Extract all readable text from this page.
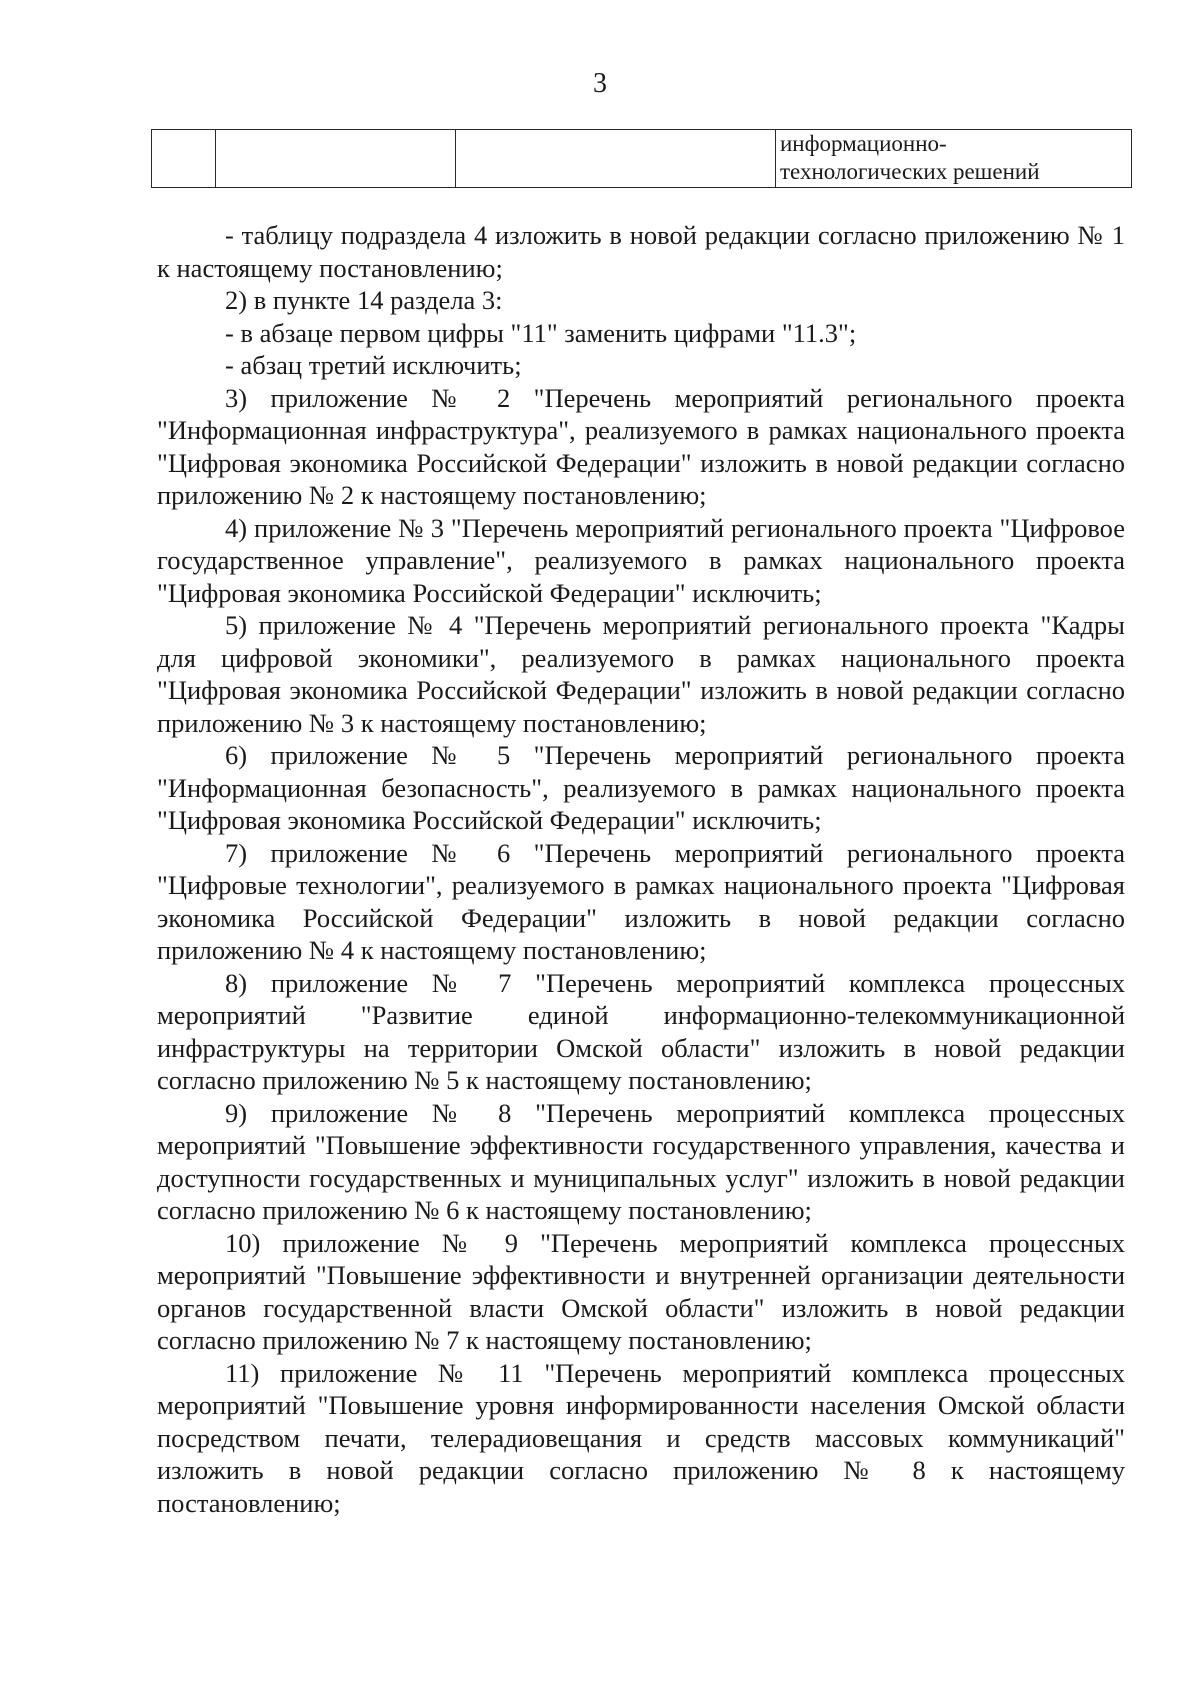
3

информационно-
технологических решений

- таблицу подраздела 4 изложить в новой редакции согласно приложению № 1 к настоящему постановлению;

2) в пункте 14 раздела 3:

- в абзаце первом цифры "11" заменить цифрами "11.3";

- абзац третий исключить;

3) приложение № 2 "Перечень мероприятий регионального проекта "Информационная инфраструктура", реализуемого в рамках национального проекта "Цифровая экономика Российской Федерации" изложить в новой редакции согласно приложению № 2 к настоящему постановлению;

4) приложение № 3 "Перечень мероприятий регионального проекта "Цифровое государственное управление", реализуемого в рамках национального проекта "Цифровая экономика Российской Федерации" исключить;

5) приложение № 4 "Перечень мероприятий регионального проекта "Кадры для цифровой экономики", реализуемого в рамках национального проекта "Цифровая экономика Российской Федерации" изложить в новой редакции согласно приложению № 3 к настоящему постановлению;

6) приложение № 5 "Перечень мероприятий регионального проекта "Информационная безопасность", реализуемого в рамках национального проекта "Цифровая экономика Российской Федерации" исключить;

7) приложение № 6 "Перечень мероприятий регионального проекта "Цифровые технологии", реализуемого в рамках национального проекта "Цифровая экономика Российской Федерации" изложить в новой редакции согласно приложению № 4 к настоящему постановлению;

8) приложение № 7 "Перечень мероприятий комплекса процессных мероприятий "Развитие единой информационно-телекоммуникационной инфраструктуры на территории Омской области" изложить в новой редакции согласно приложению № 5 к настоящему постановлению;

9) приложение № 8 "Перечень мероприятий комплекса процессных мероприятий "Повышение эффективности государственного управления, качества и доступности государственных и муниципальных услуг" изложить в новой редакции согласно приложению № 6 к настоящему постановлению;

10) приложение № 9 "Перечень мероприятий комплекса процессных мероприятий "Повышение эффективности и внутренней организации деятельности органов государственной власти Омской области" изложить в новой редакции согласно приложению № 7 к настоящему постановлению;

11) приложение № 11 "Перечень мероприятий комплекса процессных мероприятий "Повышение уровня информированности населения Омской области посредством печати, телерадиовещания и средств массовых коммуникаций" изложить в новой редакции согласно приложению № 8 к настоящему постановлению;
